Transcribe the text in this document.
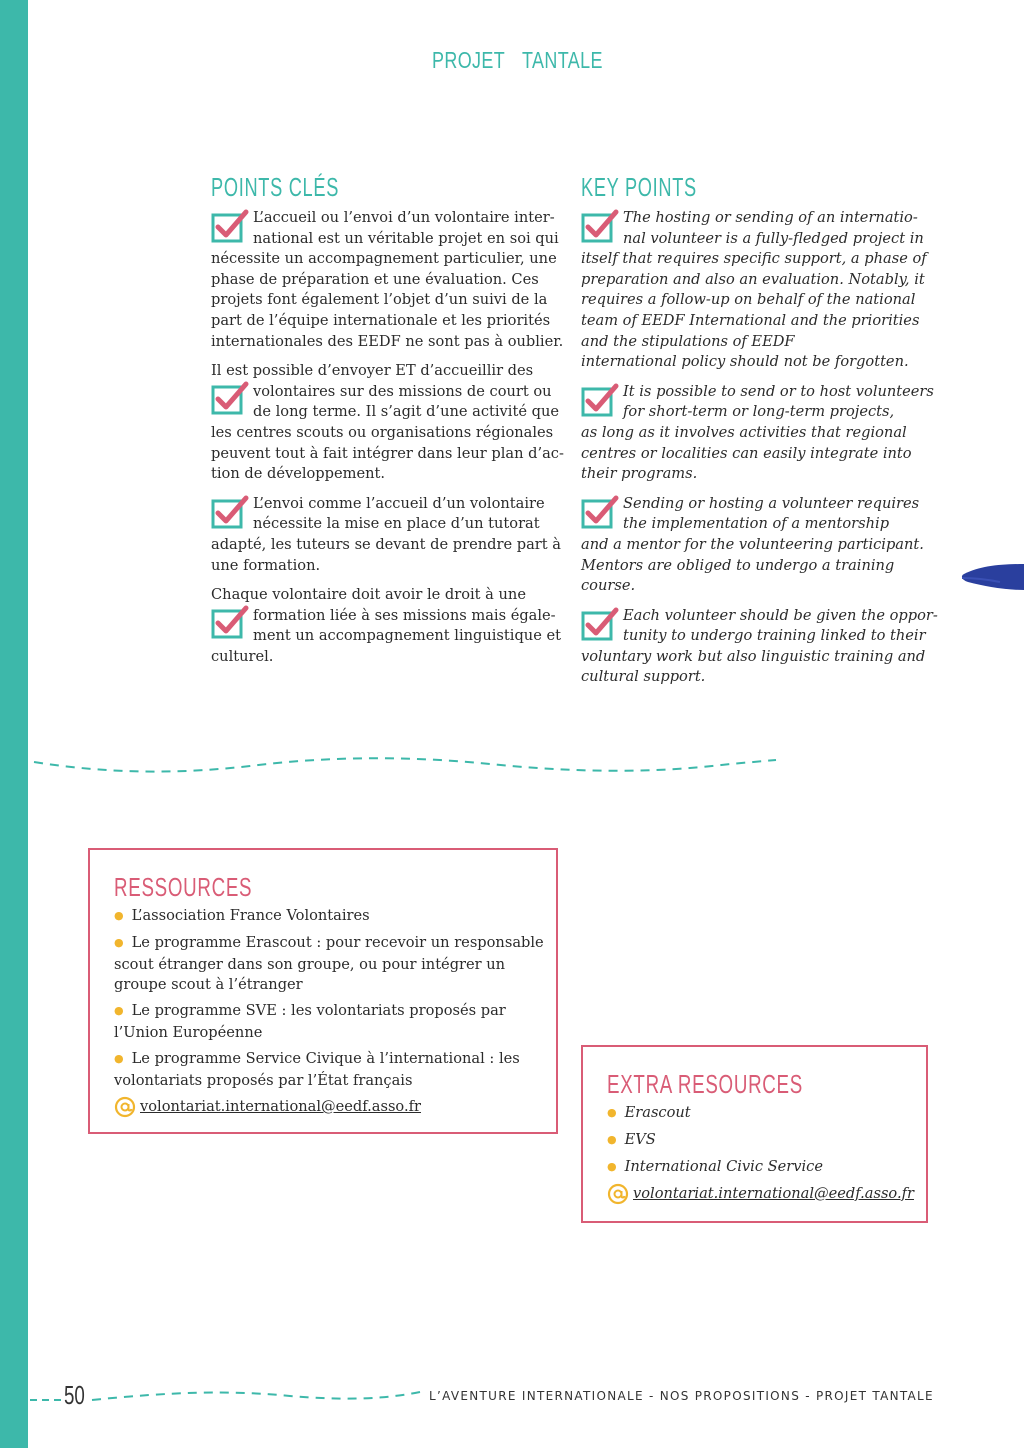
PROJET TANTALE
POINTS CLÉS
L’accueil ou l’envoi d’un volontaire inter-
national est un véritable projet en soi qui
nécessite un accompagnement particulier, une
phase de préparation et une évaluation. Ces
projets font également l’objet d’un suivi de la
part de l’équipe internationale et les priorités
internationales des EEDF ne sont pas à oublier.
Il est possible d’envoyer ET d’accueillir des
volontaires sur des missions de court ou
de long terme. Il s’agit d’une activité que
les centres scouts ou organisations régionales
peuvent tout à fait intégrer dans leur plan d’ac-
tion de développement.
L’envoi comme l’accueil d’un volontaire
nécessite la mise en place d’un tutorat
adapté, les tuteurs se devant de prendre part à
une formation.
Chaque volontaire doit avoir le droit à une
formation liée à ses missions mais égale-
ment un accompagnement linguistique et
culturel.
KEY POINTS
The hosting or sending of an internatio-
nal volunteer is a fully-fledged project in
itself that requires specific support, a phase of
preparation and also an evaluation. Notably, it
requires a follow-up on behalf of the national
team of EEDF International and the priorities
and the stipulations of EEDF
international policy should not be forgotten.
It is possible to send or to host volunteers
for short-term or long-term projects,
as long as it involves activities that regional
centres or localities can easily integrate into
their programs.
Sending or hosting a volunteer requires
the implementation of a mentorship
and a mentor for the volunteering participant.
Mentors are obliged to undergo a training
course.
Each volunteer should be given the oppor-
tunity to undergo training linked to their
voluntary work but also linguistic training and
cultural support.
RESSOURCES
● L’association France Volontaires
● Le programme Erascout : pour recevoir un responsable
scout étranger dans son groupe, ou pour intégrer un
groupe scout à l’étranger
● Le programme SVE : les volontariats proposés par
l’Union Européenne
● Le programme Service Civique à l’international : les
volontariats proposés par l’État français
volontariat.international@eedf.asso.fr
EXTRA RESOURCES
● Erascout
● EVS
● International Civic Service
volontariat.international@eedf.asso.fr
50	L’AVENTURE INTERNATIONALE - NOS PROPOSITIONS - PROJET TANTALE
